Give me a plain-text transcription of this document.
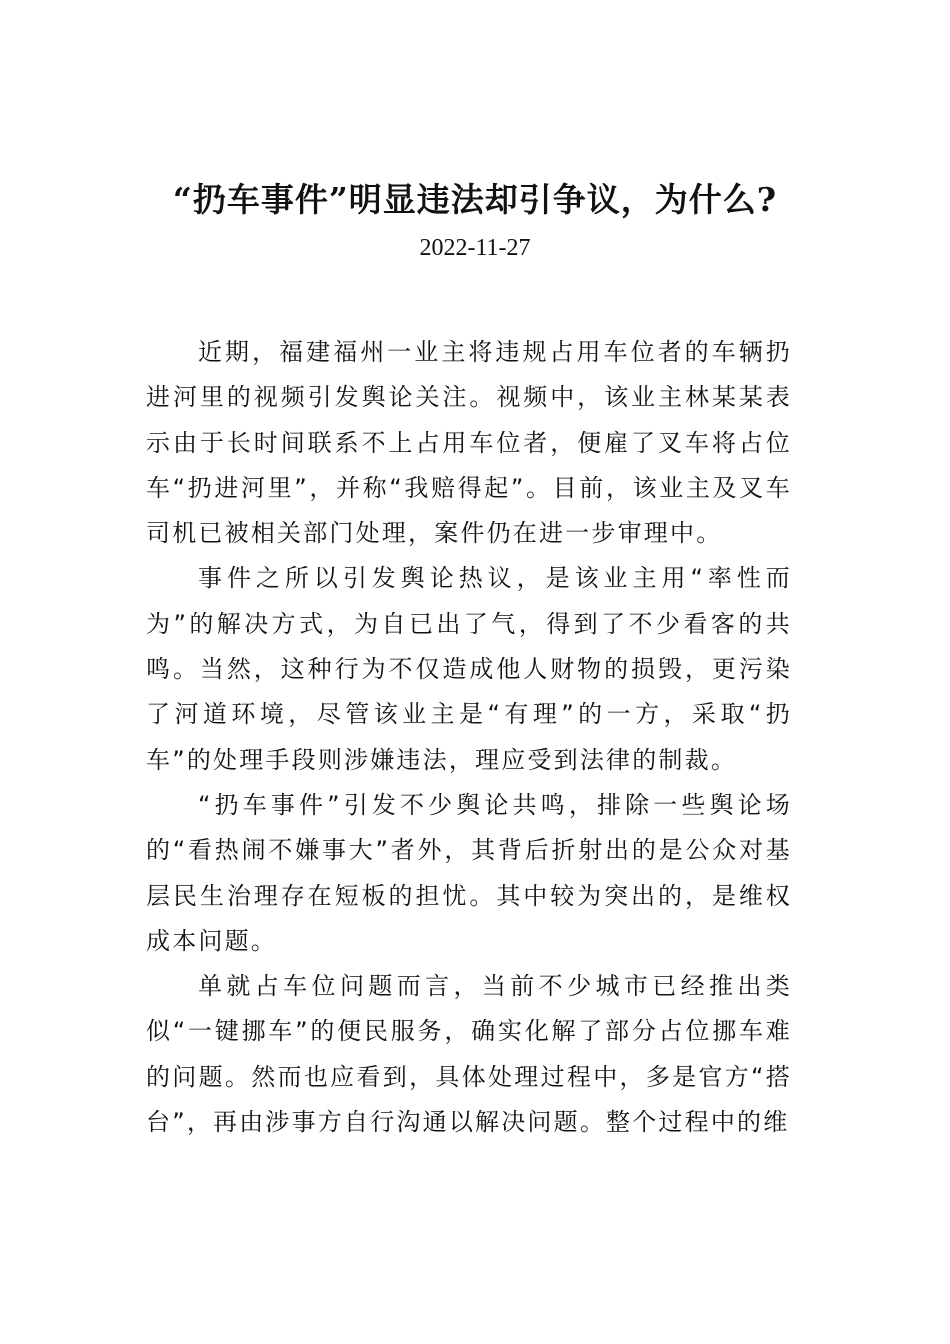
“扔车事件”明显违法却引争议，为什么?
2022-11-27

近期，福建福州一业主将违规占用车位者的车辆扔进河里的视频引发舆论关注。视频中，该业主林某某表示由于长时间联系不上占用车位者，便雇了叉车将占位车“扔进河里”，并称“我赔得起”。目前，该业主及叉车司机已被相关部门处理，案件仍在进一步审理中。

事件之所以引发舆论热议，是该业主用“率性而为”的解决方式，为自已出了气，得到了不少看客的共鸣。当然，这种行为不仅造成他人财物的损毁，更污染了河道环境，尽管该业主是“有理”的一方，采取“扔车”的处理手段则涉嫌违法，理应受到法律的制裁。

“扔车事件”引发不少舆论共鸣，排除一些舆论场的“看热闹不嫌事大”者外，其背后折射出的是公众对基层民生治理存在短板的担忧。其中较为突出的，是维权成本问题。

单就占车位问题而言，当前不少城市已经推出类似“一键挪车”的便民服务，确实化解了部分占位挪车难的问题。然而也应看到，具体处理过程中，多是官方“搭台”，再由涉事方自行沟通以解决问题。整个过程中的维
